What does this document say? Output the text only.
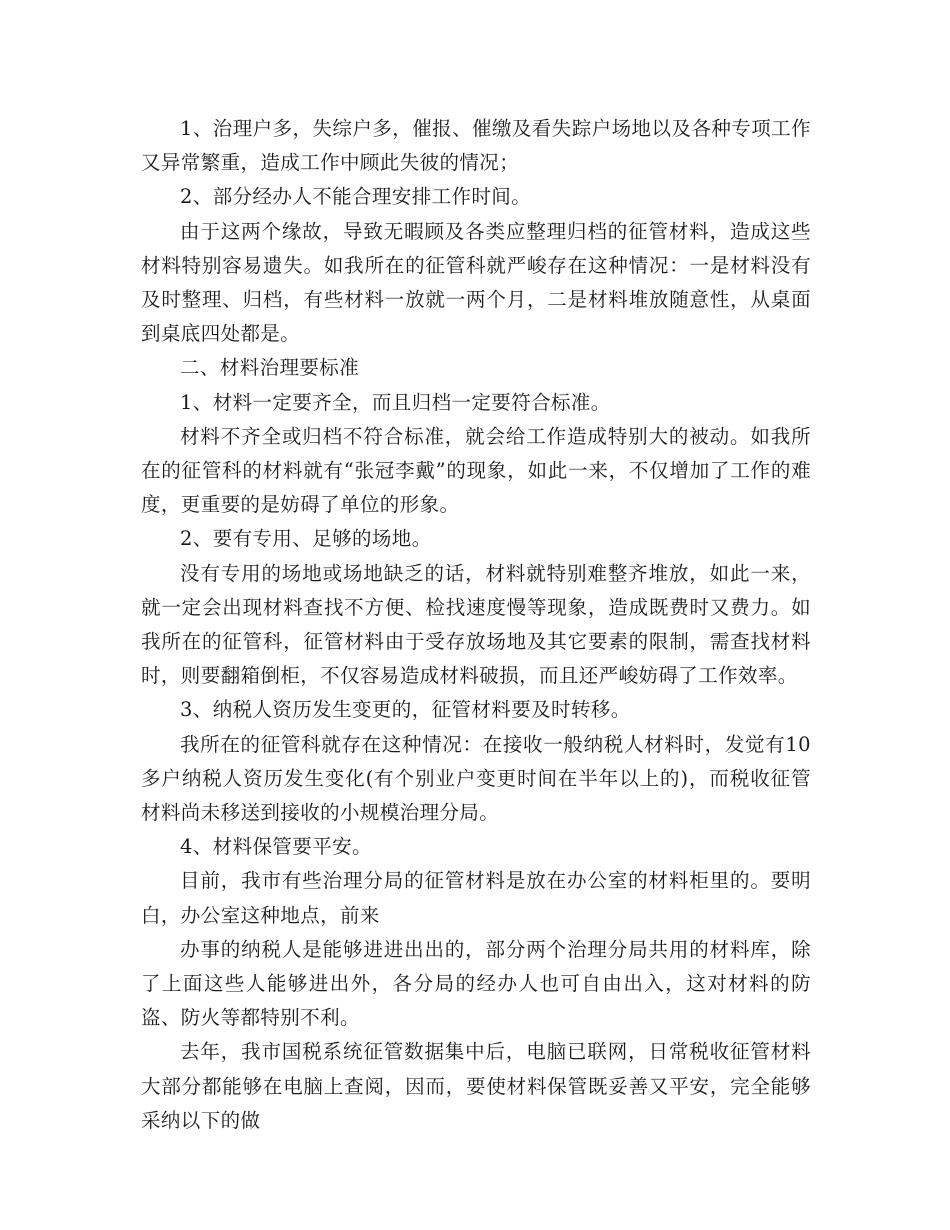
1、治理户多，失综户多，催报、催缴及看失踪户场地以及各种专项工作又异常繁重，造成工作中顾此失彼的情况；

2、部分经办人不能合理安排工作时间。

由于这两个缘故，导致无暇顾及各类应整理归档的征管材料，造成这些材料特别容易遗失。如我所在的征管科就严峻存在这种情况：一是材料没有及时整理、归档，有些材料一放就一两个月，二是材料堆放随意性，从桌面到桌底四处都是。

二、材料治理要标准

1、材料一定要齐全，而且归档一定要符合标准。

材料不齐全或归档不符合标准，就会给工作造成特别大的被动。如我所在的征管科的材料就有“张冠李戴”的现象，如此一来，不仅增加了工作的难度，更重要的是妨碍了单位的形象。

2、要有专用、足够的场地。

没有专用的场地或场地缺乏的话，材料就特别难整齐堆放，如此一来，就一定会出现材料查找不方便、检找速度慢等现象，造成既费时又费力。如我所在的征管科，征管材料由于受存放场地及其它要素的限制，需查找材料时，则要翻箱倒柜，不仅容易造成材料破损，而且还严峻妨碍了工作效率。

3、纳税人资历发生变更的，征管材料要及时转移。

我所在的征管科就存在这种情况：在接收一般纳税人材料时，发觉有10多户纳税人资历发生变化(有个别业户变更时间在半年以上的)，而税收征管材料尚未移送到接收的小规模治理分局。

4、材料保管要平安。

目前，我市有些治理分局的征管材料是放在办公室的材料柜里的。要明白，办公室这种地点，前来

办事的纳税人是能够进进出出的，部分两个治理分局共用的材料库，除了上面这些人能够进出外，各分局的经办人也可自由出入，这对材料的防盗、防火等都特别不利。

去年，我市国税系统征管数据集中后，电脑已联网，日常税收征管材料大部分都能够在电脑上查阅，因而，要使材料保管既妥善又平安，完全能够采纳以下的做
